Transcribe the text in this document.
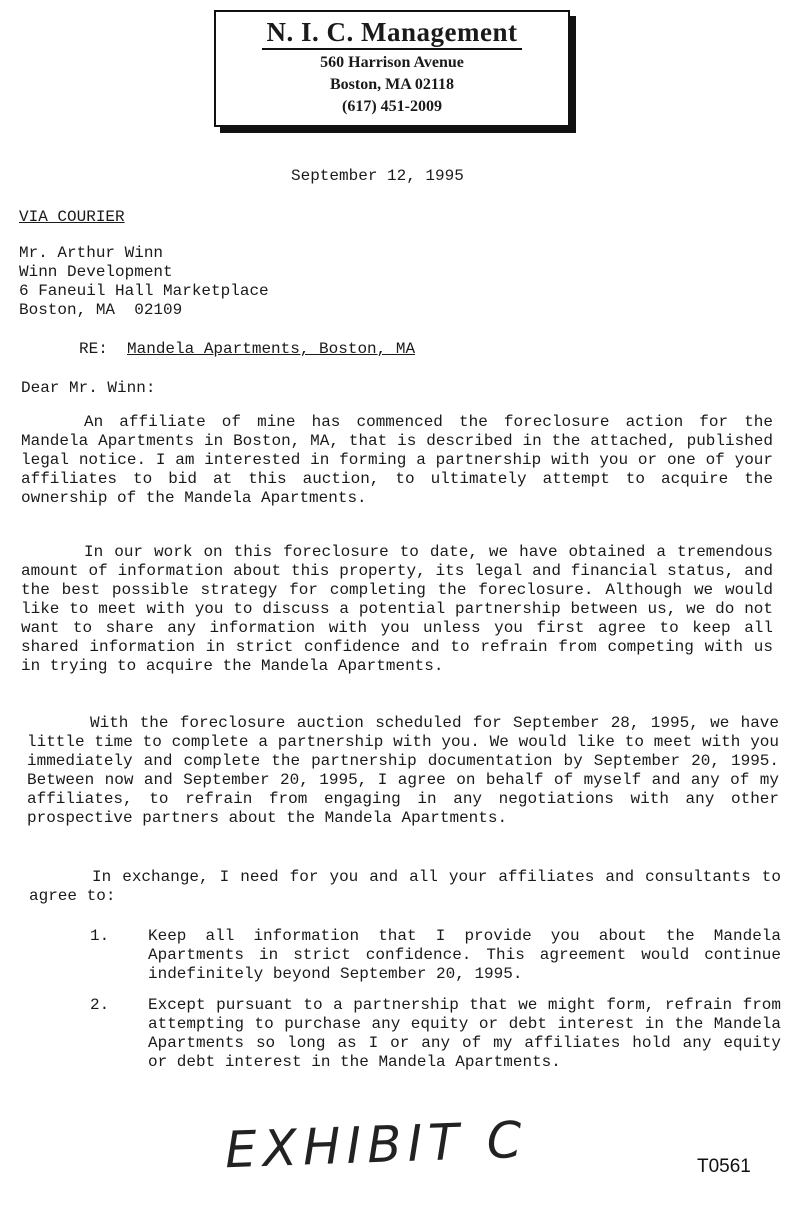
N. I. C. Management
560 Harrison Avenue
Boston, MA 02118
(617) 451-2009
September 12, 1995
VIA COURIER
Mr. Arthur Winn
Winn Development
6 Faneuil Hall Marketplace
Boston, MA  02109
RE: Mandela Apartments, Boston, MA
Dear Mr. Winn:
An affiliate of mine has commenced the foreclosure action for the Mandela Apartments in Boston, MA, that is described in the attached, published legal notice. I am interested in forming a partnership with you or one of your affiliates to bid at this auction, to ultimately attempt to acquire the ownership of the Mandela Apartments.
In our work on this foreclosure to date, we have obtained a tremendous amount of information about this property, its legal and financial status, and the best possible strategy for completing the foreclosure. Although we would like to meet with you to discuss a potential partnership between us, we do not want to share any information with you unless you first agree to keep all shared information in strict confidence and to refrain from competing with us in trying to acquire the Mandela Apartments.
With the foreclosure auction scheduled for September 28, 1995, we have little time to complete a partnership with you. We would like to meet with you immediately and complete the partnership documentation by September 20, 1995. Between now and September 20, 1995, I agree on behalf of myself and any of my affiliates, to refrain from engaging in any negotiations with any other prospective partners about the Mandela Apartments.
In exchange, I need for you and all your affiliates and consultants to agree to:
1. Keep all information that I provide you about the Mandela Apartments in strict confidence. This agreement would continue indefinitely beyond September 20, 1995.
2. Except pursuant to a partnership that we might form, refrain from attempting to purchase any equity or debt interest in the Mandela Apartments so long as I or any of my affiliates hold any equity or debt interest in the Mandela Apartments.
EXHIBIT C	T0561
